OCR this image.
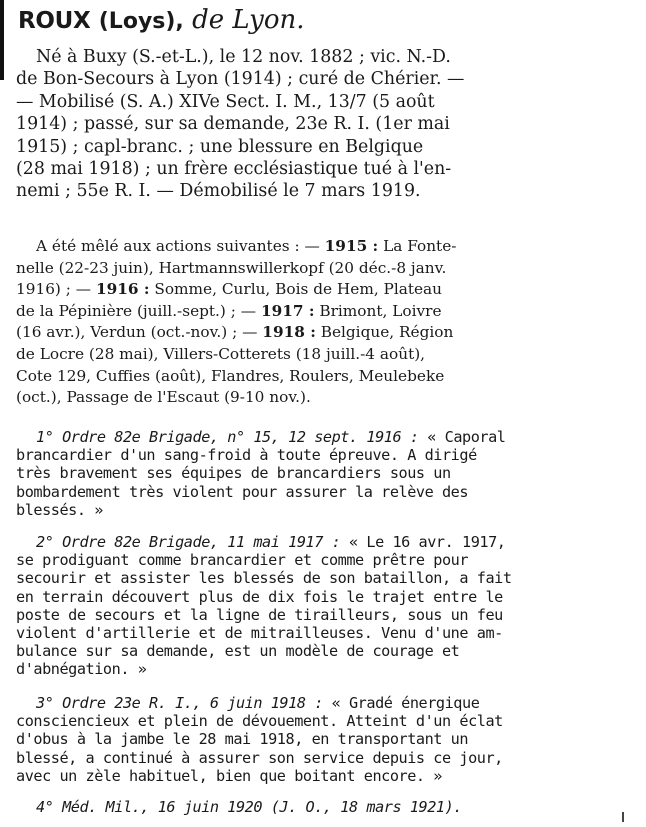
ROUX (Loys), de Lyon.
Né à Buxy (S.-et-L.), le 12 nov. 1882 ; vic. N.-D.
de Bon-Secours à Lyon (1914) ; curé de Chérier. —
— Mobilisé (S. A.) XIVe Sect. I. M., 13/7 (5 août
1914) ; passé, sur sa demande, 23e R. I. (1er mai
1915) ; capl-branc. ; une blessure en Belgique
(28 mai 1918) ; un frère ecclésiastique tué à l'en-
nemi ; 55e R. I. — Démobilisé le 7 mars 1919.
A été mêlé aux actions suivantes : — 1915 : La Fonte-
nelle (22-23 juin), Hartmannswillerkopf (20 déc.-8 janv.
1916) ; — 1916 : Somme, Curlu, Bois de Hem, Plateau
de la Pépinière (juill.-sept.) ; — 1917 : Brimont, Loivre
(16 avr.), Verdun (oct.-nov.) ; — 1918 : Belgique, Région
de Locre (28 mai), Villers-Cotterets (18 juill.-4 août),
Cote 129, Cuffies (août), Flandres, Roulers, Meulebeke
(oct.), Passage de l'Escaut (9-10 nov.).
1° Ordre 82e Brigade, n° 15, 12 sept. 1916 : « Caporal
brancardier d'un sang-froid à toute épreuve. A dirigé
très bravement ses équipes de brancardiers sous un
bombardement très violent pour assurer la relève des
blessés. »
2° Ordre 82e Brigade, 11 mai 1917 : « Le 16 avr. 1917,
se prodiguant comme brancardier et comme prêtre pour
secourir et assister les blessés de son bataillon, a fait
en terrain découvert plus de dix fois le trajet entre le
poste de secours et la ligne de tirailleurs, sous un feu
violent d'artillerie et de mitrailleuses. Venu d'une am-
bulance sur sa demande, est un modèle de courage et
d'abnégation. »
3° Ordre 23e R. I., 6 juin 1918 : « Gradé énergique
consciencieux et plein de dévouement. Atteint d'un éclat
d'obus à la jambe le 28 mai 1918, en transportant un
blessé, a continué à assurer son service depuis ce jour,
avec un zèle habituel, bien que boitant encore. »
4° Méd. Mil., 16 juin 1920 (J. O., 18 mars 1921).
